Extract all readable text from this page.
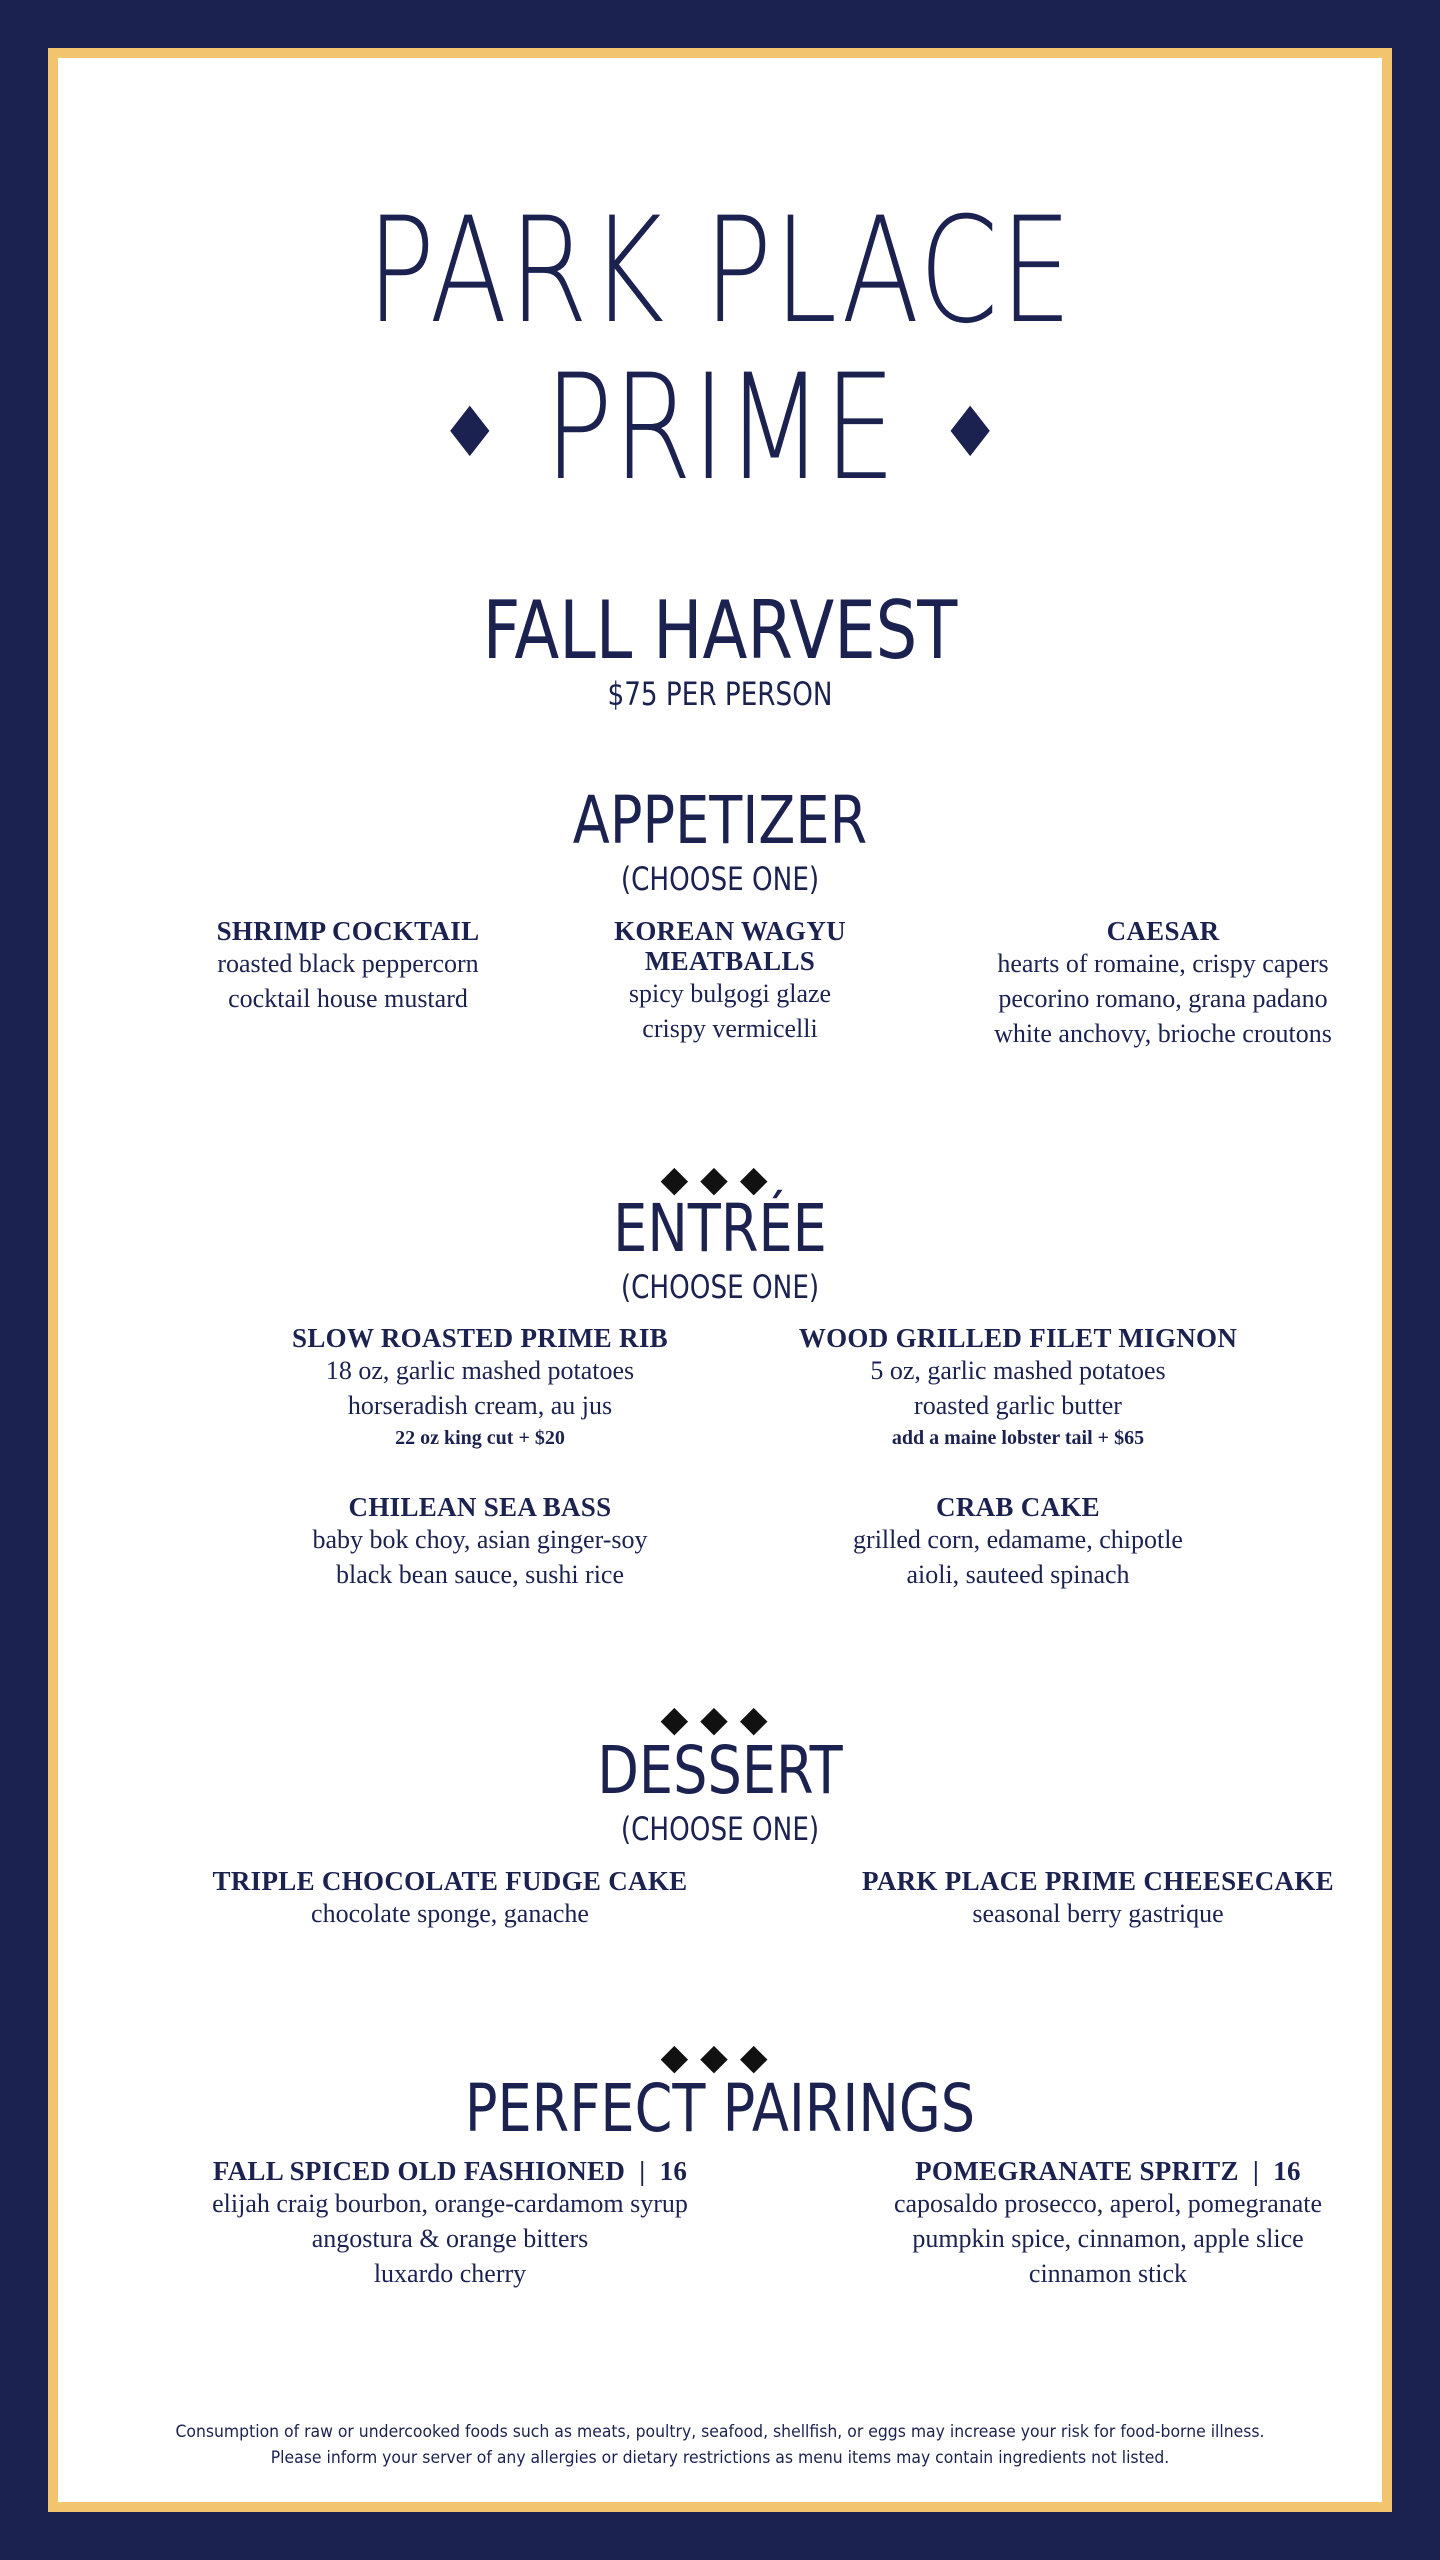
PARK PLACE
◆ PRIME ◆
FALL HARVEST
$75 PER PERSON
APPETIZER
(CHOOSE ONE)
SHRIMP COCKTAIL
roasted black peppercorn
cocktail house mustard
KOREAN WAGYU
MEATBALLS
spicy bulgogi glaze
crispy vermicelli
CAESAR
hearts of romaine, crispy capers
pecorino romano, grana padano
white anchovy, brioche croutons
◆◆◆
ENTRÉE
(CHOOSE ONE)
SLOW ROASTED PRIME RIB
18 oz, garlic mashed potatoes
horseradish cream, au jus
22 oz king cut + $20
WOOD GRILLED FILET MIGNON
5 oz, garlic mashed potatoes
roasted garlic butter
add a maine lobster tail + $65
CHILEAN SEA BASS
baby bok choy, asian ginger-soy
black bean sauce, sushi rice
CRAB CAKE
grilled corn, edamame, chipotle
aioli, sauteed spinach
◆◆◆
DESSERT
(CHOOSE ONE)
TRIPLE CHOCOLATE FUDGE CAKE
chocolate sponge, ganache
PARK PLACE PRIME CHEESECAKE
seasonal berry gastrique
◆◆◆
PERFECT PAIRINGS
FALL SPICED OLD FASHIONED  |  16
elijah craig bourbon, orange-cardamom syrup
angostura & orange bitters
luxardo cherry
POMEGRANATE SPRITZ  |  16
caposaldo prosecco, aperol, pomegranate
pumpkin spice, cinnamon, apple slice
cinnamon stick
Consumption of raw or undercooked foods such as meats, poultry, seafood, shellfish, or eggs may increase your risk for food-borne illness.
Please inform your server of any allergies or dietary restrictions as menu items may contain ingredients not listed.
